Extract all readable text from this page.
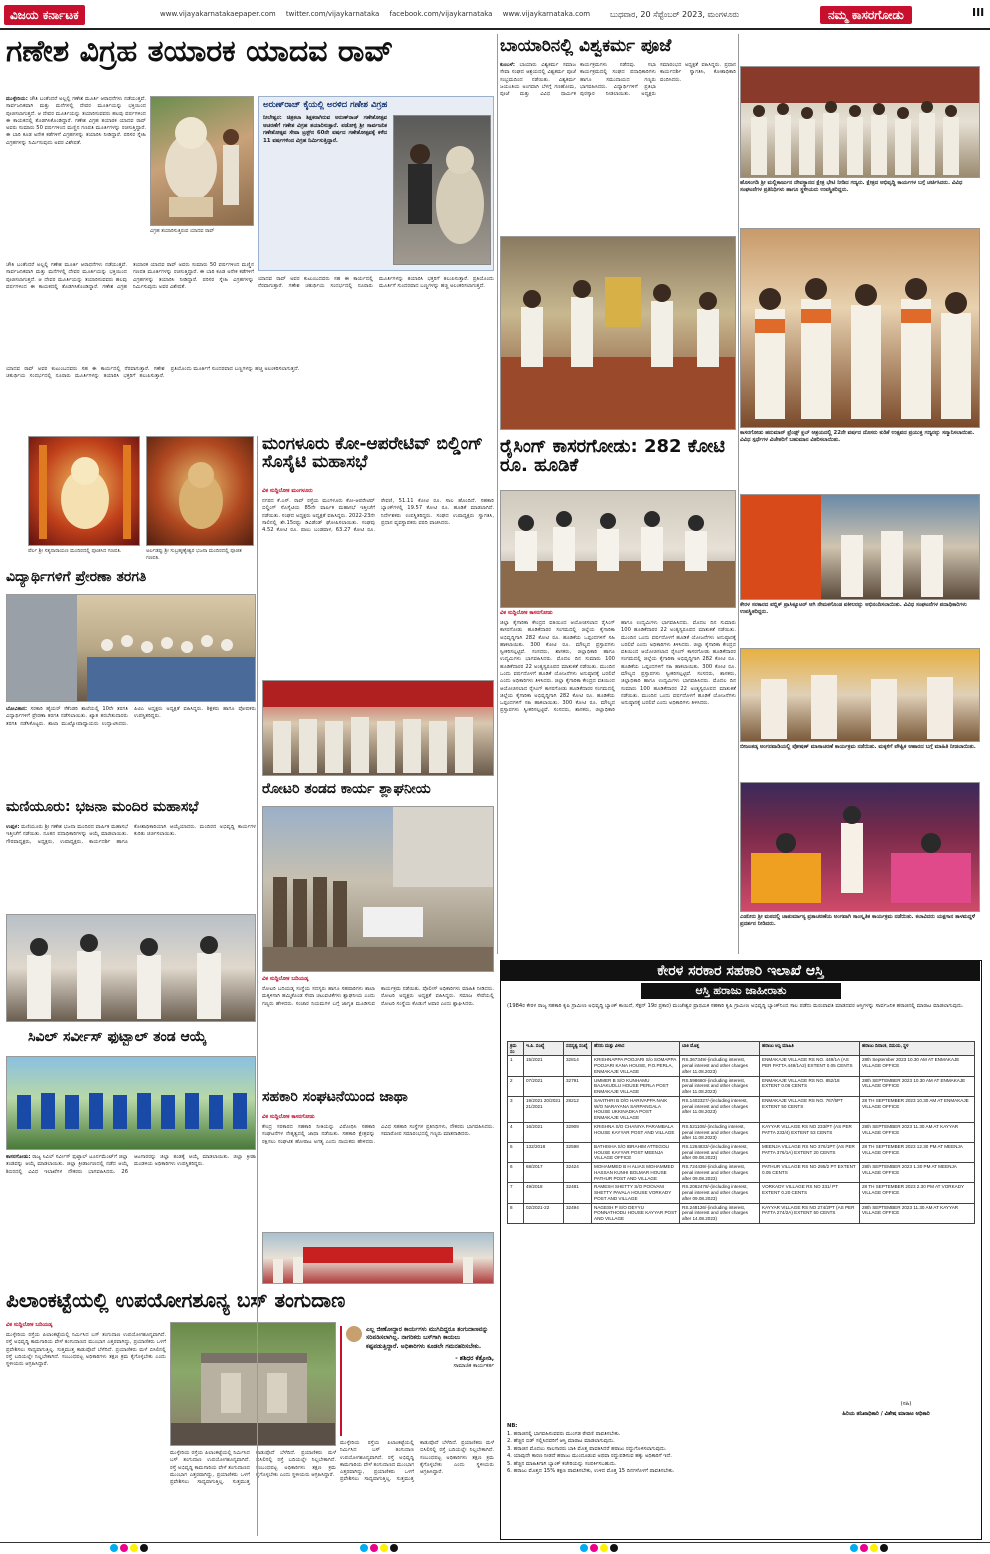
ವಿಜಯ ಕರ್ನಾಟಕ	www.vijayakarnatakaepaper.com twitter.com/vijaykarnataka facebook.com/vijaykarnataka www.vijaykarnataka.com	ಬುಧವಾರ, 20 ಸೆಪ್ಟೆಂಬರ್ 2023, ಮಂಗಳೂರು	ನಮ್ಮ ಕಾಸರಗೋಡು	III
ಗಣೇಶ ವಿಗ್ರಹ ತಯಾರಕ ಯಾದವ ರಾವ್
ಮುಳ್ಳೇರಿಯ: ಚೌತಿ ಬಂತೆಂದರೆ ಅಲ್ಲಲ್ಲಿ ಗಣೇಶ ಮೂರ್ತಿ ಆರಾಧನೆಗಳು ನಡೆಯುತ್ತವೆ. ಸಾರ್ವಜನಿಕವಾಗಿ ಮತ್ತು ಮನೆಗಳಲ್ಲಿ ದೇವರ ಮೂರ್ತಿಯನ್ನು ಭಕ್ತಿಯಿಂದ ಪೂಜಿಸಲಾಗುತ್ತದೆ. ಆ ದೇವರ ಮೂರ್ತಿಯನ್ನು ತಯಾರಿಸುವವರು ಹಲವು ವರ್ಷಗಳಿಂದ ಈ ಕಾಯಕದಲ್ಲಿ ತೊಡಗಿಸಿಕೊಂಡಿದ್ದಾರೆ. ಗಣೇಶ ವಿಗ್ರಹ ತಯಾರಕ ಯಾದವ ರಾವ್ ಅವರು ಸುಮಾರು 50 ವರ್ಷಗಳಿಂದ ಮಣ್ಣಿನ ಗಣಪತಿ ಮೂರ್ತಿಗಳನ್ನು ರಚಿಸುತ್ತಿದ್ದಾರೆ. ಈ ಬಾರಿ ಕೂಡ ಅನೇಕ ಕಡೆಗಳಿಗೆ ವಿಗ್ರಹಗಳನ್ನು ತಯಾರಿಸಿ ನೀಡಿದ್ದಾರೆ. ಪರಿಸರ ಸ್ನೇಹಿ ವಿಗ್ರಹಗಳನ್ನು ನಿರ್ಮಿಸುವುದು ಅವರ ವಿಶೇಷತೆ.
ವಿಗ್ರಹ ತಯಾರಿಸುತ್ತಿರುವ ಯಾದವ ರಾವ್
ಅರುಣ್‌ರಾಜ್ ಕೈಯಲ್ಲಿ ಅರಳಿದ ಗಣೇಶ ವಿಗ್ರಹ
ನೀಲೇಶ್ವರ: ಚಿತ್ರಕಲಾ ಶಿಕ್ಷಕರಾಗಿರುವ ಅರುಣ್‌ರಾಜ್ ಗಣೇಶೋತ್ಸವ ಆಚರಣೆಗೆ ಗಣೇಶ ವಿಗ್ರಹ ತಯಾರಿಸುತ್ತಾರೆ. ಪಡೋಳ್ಳಿ ಶ್ರೀ ಸಾರ್ವಜನಿಕ ಗಣೇಶೋತ್ಸವ ಸೇವಾ ಟ್ರಸ್ಟ್‌ನ 60ನೇ ವರ್ಷದ ಗಣೇಶೋತ್ಸವಕ್ಕೆ ಕಳೆದ 11 ವರ್ಷಗಳಿಂದ ವಿಗ್ರಹ ನಿರ್ಮಿಸುತ್ತಿದ್ದಾರೆ.
ಯಾದವ ರಾವ್ ಅವರ ಕುಟುಂಬದವರು ಸಹ ಈ ಕಾರ್ಯದಲ್ಲಿ ನೆರವಾಗುತ್ತಾರೆ. ಗಣೇಶ ಚತುರ್ಥಿಯ ಸಂದರ್ಭದಲ್ಲಿ ನೂರಾರು ಮೂರ್ತಿಗಳನ್ನು ತಯಾರಿಸಿ ಭಕ್ತರಿಗೆ ತಲುಪಿಸುತ್ತಾರೆ. ಪ್ರತಿಯೊಂದು ಮೂರ್ತಿಗೆ ಸುಂದರವಾದ ಬಣ್ಣಗಳನ್ನು ಹಚ್ಚಿ ಅಲಂಕರಿಸಲಾಗುತ್ತದೆ.
ಚೌತಿ ಬಂತೆಂದರೆ ಅಲ್ಲಲ್ಲಿ ಗಣೇಶ ಮೂರ್ತಿ ಆರಾಧನೆಗಳು ನಡೆಯುತ್ತವೆ. ಸಾರ್ವಜನಿಕವಾಗಿ ಮತ್ತು ಮನೆಗಳಲ್ಲಿ ದೇವರ ಮೂರ್ತಿಯನ್ನು ಭಕ್ತಿಯಿಂದ ಪೂಜಿಸಲಾಗುತ್ತದೆ. ಆ ದೇವರ ಮೂರ್ತಿಯನ್ನು ತಯಾರಿಸುವವರು ಹಲವು ವರ್ಷಗಳಿಂದ ಈ ಕಾಯಕದಲ್ಲಿ ತೊಡಗಿಸಿಕೊಂಡಿದ್ದಾರೆ. ಗಣೇಶ ವಿಗ್ರಹ ತಯಾರಕ ಯಾದವ ರಾವ್ ಅವರು ಸುಮಾರು 50 ವರ್ಷಗಳಿಂದ ಮಣ್ಣಿನ ಗಣಪತಿ ಮೂರ್ತಿಗಳನ್ನು ರಚಿಸುತ್ತಿದ್ದಾರೆ. ಈ ಬಾರಿ ಕೂಡ ಅನೇಕ ಕಡೆಗಳಿಗೆ ವಿಗ್ರಹಗಳನ್ನು ತಯಾರಿಸಿ ನೀಡಿದ್ದಾರೆ. ಪರಿಸರ ಸ್ನೇಹಿ ವಿಗ್ರಹಗಳನ್ನು ನಿರ್ಮಿಸುವುದು ಅವರ ವಿಶೇಷತೆ.
ಯಾದವ ರಾವ್ ಅವರ ಕುಟುಂಬದವರು ಸಹ ಈ ಕಾರ್ಯದಲ್ಲಿ ನೆರವಾಗುತ್ತಾರೆ. ಗಣೇಶ ಚತುರ್ಥಿಯ ಸಂದರ್ಭದಲ್ಲಿ ನೂರಾರು ಮೂರ್ತಿಗಳನ್ನು ತಯಾರಿಸಿ ಭಕ್ತರಿಗೆ ತಲುಪಿಸುತ್ತಾರೆ. ಪ್ರತಿಯೊಂದು ಮೂರ್ತಿಗೆ ಸುಂದರವಾದ ಬಣ್ಣಗಳನ್ನು ಹಚ್ಚಿ ಅಲಂಕರಿಸಲಾಗುತ್ತದೆ.
ಪೆರ್ಲ ಶ್ರೀ ಸತ್ಯನಾರಾಯಣ ಮಂದಿರದಲ್ಲಿ ಪೂಜಿಸಿದ ಗಣಪತಿ.	ಅರ್ಲಡಪ್ಪು ಶ್ರೀ ಸುಬ್ರಹ್ಮಣ್ಯೇಶ್ವರ ಭಜನಾ ಮಂದಿರದಲ್ಲಿ ಪೂಜಿತ ಗಣಪತಿ.
ಬಾಯಾರಿನಲ್ಲಿ ವಿಶ್ವಕರ್ಮ ಪೂಜೆ
ಕುಂಬಳೆ: ಬಾಯಾರು ವಿಶ್ವಕರ್ಮ ಸಮಾಜ ಸೇವಾ ಸಂಘದ ಆಶ್ರಯದಲ್ಲಿ ವಿಶ್ವಕರ್ಮ ಪೂಜೆ ಸಂಭ್ರಮದಿಂದ ನಡೆಯಿತು. ವಿಶ್ವಕರ್ಮ ಜಯಂತಿಯ ಅಂಗವಾಗಿ ಬೆಳಗ್ಗೆ ಗಣಹೋಮ, ಪೂಜೆ ಮತ್ತು ವಿವಿಧ ಧಾರ್ಮಿಕ ಕಾರ್ಯಕ್ರಮಗಳು ನಡೆದವು. ಸಭಾ ಕಾರ್ಯಕ್ರಮದಲ್ಲಿ ಸಂಘದ ಪದಾಧಿಕಾರಿಗಳು ಹಾಗೂ ಸಮುದಾಯದ ಗಣ್ಯರು ಭಾಗವಹಿಸಿದರು. ವಿದ್ಯಾರ್ಥಿಗಳಿಗೆ ಪ್ರತಿಭಾ ಪುರಸ್ಕಾರ ನೀಡಲಾಯಿತು. ಅಧ್ಯಕ್ಷರು ಸಮಾರಂಭದ ಅಧ್ಯಕ್ಷತೆ ವಹಿಸಿದ್ದರು. ಪ್ರಧಾನ ಕಾರ್ಯದರ್ಶಿ ಸ್ವಾಗತಿಸಿ, ಕೋಶಾಧಿಕಾರಿ ವಂದಿಸಿದರು.
ಹೊಸಂಗಡಿ ಶ್ರೀ ಮಲ್ಲಿಕಾರ್ಜುನ ದೇವಸ್ಥಾನದ ಕ್ಷೇತ್ರ ಭೇಟಿ ನೀಡಿದ ಗಣ್ಯರು. ಕ್ಷೇತ್ರದ ಅಭಿವೃದ್ಧಿ ಕಾರ್ಯಗಳ ಬಗ್ಗೆ ಚರ್ಚಿಸಿದರು. ವಿವಿಧ ಸಂಘಟನೆಗಳ ಪ್ರತಿನಿಧಿಗಳು ಹಾಗೂ ಸ್ಥಳೀಯರು ಉಪಸ್ಥಿತರಿದ್ದರು.
ಕಾಸರಗೋಡು ಹನುಮಾನ್ ಫ್ರೆಂಡ್ಸ್ ಕ್ಲಬ್ ಆಶ್ರಯದಲ್ಲಿ 22ನೇ ವರ್ಷದ ದೊಸರು ಕುಡಿಕೆ ಉತ್ಸವದ ಪ್ರಯುಕ್ತ ಗಣ್ಯರನ್ನು ಸನ್ಮಾನಿಸಲಾಯಿತು. ವಿವಿಧ ಸ್ಪರ್ಧೆಗಳ ವಿಜೇತರಿಗೆ ಬಹುಮಾನ ವಿತರಿಸಲಾಯಿತು.
ಮಂಗಳೂರು ಕೋ-ಆಪರೇಟಿವ್ ಬಿಲ್ಡಿಂಗ್ ಸೊಸೈಟಿ ಮಹಾಸಭೆ
ವಿಕ ಸುದ್ದಿಲೋಕ ಮಂಗಳೂರು
ನಗರದ ಕೆ.ಎಸ್. ರಾವ್ ರಸ್ತೆಯ ಮಂಗಳೂರು ಕೋ-ಆಪರೇಟಿವ್ ಬಿಲ್ಡಿಂಗ್ ಸೊಸೈಟಿಯ 85ನೇ ವಾರ್ಷಿಕ ಮಹಾಸಭೆ ಇತ್ತೀಚೆಗೆ ನಡೆಯಿತು. ಸಂಘದ ಅಧ್ಯಕ್ಷರು ಅಧ್ಯಕ್ಷತೆ ವಹಿಸಿದ್ದರು. 2022-23ನೇ ಸಾಲಿನಲ್ಲಿ ಶೇ.15ರಷ್ಟು ಡಿವಿಡೆಂಡ್ ಘೋಷಿಸಲಾಯಿತು. ಸಂಘವು 4.52 ಕೋಟಿ ರೂ. ಪಾಲು ಬಂಡವಾಳ, 63.27 ಕೋಟಿ ರೂ. ಠೇವಣಿ, 51.11 ಕೋಟಿ ರೂ. ಸಾಲ ಹೊಂದಿದೆ. ಸಹಕಾರಿ ಬ್ಯಾಂಕ್‌ಗಳಲ್ಲಿ 19.57 ಕೋಟಿ ರೂ. ಹೂಡಿಕೆ ಮಾಡಲಾಗಿದೆ. ನಿರ್ದೇಶಕರು ಉಪಸ್ಥಿತರಿದ್ದರು. ಸಂಘದ ಉಪಾಧ್ಯಕ್ಷರು ಸ್ವಾಗತಿಸಿ, ಪ್ರಧಾನ ವ್ಯವಸ್ಥಾಪಕರು ವರದಿ ವಾಚಿಸಿದರು.
ರೈಸಿಂಗ್ ಕಾಸರಗೋಡು: 282 ಕೋಟಿ ರೂ. ಹೂಡಿಕೆ
ವಿಕ ಸುದ್ದಿಲೋಕ ಕಾಸರಗೋಡು
ಜಿಲ್ಲಾ ಕೈಗಾರಿಕಾ ಕೇಂದ್ರದ ವತಿಯಿಂದ ಆಯೋಜಿಸಲಾದ ರೈಸಿಂಗ್ ಕಾಸರಗೋಡು ಹೂಡಿಕೆದಾರರ ಸಂಗಮದಲ್ಲಿ ಜಿಲ್ಲೆಯ ಕೈಗಾರಿಕಾ ಅಭಿವೃದ್ಧಿಗಾಗಿ 282 ಕೋಟಿ ರೂ. ಹೂಡಿಕೆಯ ಒಪ್ಪಂದಗಳಿಗೆ ಸಹಿ ಹಾಕಲಾಯಿತು. 300 ಕೋಟಿ ರೂ. ಮೌಲ್ಯದ ಪ್ರಸ್ತಾಪಗಳು ಸ್ವೀಕರಿಸಲ್ಪಟ್ಟಿವೆ. ಸಂಸದರು, ಶಾಸಕರು, ಜಿಲ್ಲಾಧಿಕಾರಿ ಹಾಗೂ ಉದ್ಯಮಿಗಳು ಭಾಗವಹಿಸಿದರು. ಮೊದಲ ದಿನ ಸುಮಾರು 100 ಹೂಡಿಕೆದಾರರ 22 ಅಂತ್ಯಸ್ವರೂಪದ ಮಾತುಕತೆ ನಡೆಯಿತು. ಮುಂದಿನ ಒಂದು ವರ್ಷದೊಳಗೆ ಹೂಡಿಕೆ ಯೋಜನೆಗಳು ಅನುಷ್ಠಾನಕ್ಕೆ ಬರಲಿವೆ ಎಂದು ಅಧಿಕಾರಿಗಳು ತಿಳಿಸಿದರು. ಜಿಲ್ಲಾ ಕೈಗಾರಿಕಾ ಕೇಂದ್ರದ ವತಿಯಿಂದ ಆಯೋಜಿಸಲಾದ ರೈಸಿಂಗ್ ಕಾಸರಗೋಡು ಹೂಡಿಕೆದಾರರ ಸಂಗಮದಲ್ಲಿ ಜಿಲ್ಲೆಯ ಕೈಗಾರಿಕಾ ಅಭಿವೃದ್ಧಿಗಾಗಿ 282 ಕೋಟಿ ರೂ. ಹೂಡಿಕೆಯ ಒಪ್ಪಂದಗಳಿಗೆ ಸಹಿ ಹಾಕಲಾಯಿತು. 300 ಕೋಟಿ ರೂ. ಮೌಲ್ಯದ ಪ್ರಸ್ತಾಪಗಳು ಸ್ವೀಕರಿಸಲ್ಪಟ್ಟಿವೆ. ಸಂಸದರು, ಶಾಸಕರು, ಜಿಲ್ಲಾಧಿಕಾರಿ ಹಾಗೂ ಉದ್ಯಮಿಗಳು ಭಾಗವಹಿಸಿದರು. ಮೊದಲ ದಿನ ಸುಮಾರು 100 ಹೂಡಿಕೆದಾರರ 22 ಅಂತ್ಯಸ್ವರೂಪದ ಮಾತುಕತೆ ನಡೆಯಿತು. ಮುಂದಿನ ಒಂದು ವರ್ಷದೊಳಗೆ ಹೂಡಿಕೆ ಯೋಜನೆಗಳು ಅನುಷ್ಠಾನಕ್ಕೆ ಬರಲಿವೆ ಎಂದು ಅಧಿಕಾರಿಗಳು ತಿಳಿಸಿದರು. ಜಿಲ್ಲಾ ಕೈಗಾರಿಕಾ ಕೇಂದ್ರದ ವತಿಯಿಂದ ಆಯೋಜಿಸಲಾದ ರೈಸಿಂಗ್ ಕಾಸರಗೋಡು ಹೂಡಿಕೆದಾರರ ಸಂಗಮದಲ್ಲಿ ಜಿಲ್ಲೆಯ ಕೈಗಾರಿಕಾ ಅಭಿವೃದ್ಧಿಗಾಗಿ 282 ಕೋಟಿ ರೂ. ಹೂಡಿಕೆಯ ಒಪ್ಪಂದಗಳಿಗೆ ಸಹಿ ಹಾಕಲಾಯಿತು. 300 ಕೋಟಿ ರೂ. ಮೌಲ್ಯದ ಪ್ರಸ್ತಾಪಗಳು ಸ್ವೀಕರಿಸಲ್ಪಟ್ಟಿವೆ. ಸಂಸದರು, ಶಾಸಕರು, ಜಿಲ್ಲಾಧಿಕಾರಿ ಹಾಗೂ ಉದ್ಯಮಿಗಳು ಭಾಗವಹಿಸಿದರು. ಮೊದಲ ದಿನ ಸುಮಾರು 100 ಹೂಡಿಕೆದಾರರ 22 ಅಂತ್ಯಸ್ವರೂಪದ ಮಾತುಕತೆ ನಡೆಯಿತು. ಮುಂದಿನ ಒಂದು ವರ್ಷದೊಳಗೆ ಹೂಡಿಕೆ ಯೋಜನೆಗಳು ಅನುಷ್ಠಾನಕ್ಕೆ ಬರಲಿವೆ ಎಂದು ಅಧಿಕಾರಿಗಳು ತಿಳಿಸಿದರು.
ಕೇರಳ ಸರಕಾರದ ಪಬ್ಲಿಕ್ ಪ್ರಾಸಿಕ್ಯೂಟರ್ ಆಗಿ ನೇಮಕಗೊಂಡ ವಕೀಲರನ್ನು ಅಭಿನಂದಿಸಲಾಯಿತು. ವಿವಿಧ ಸಂಘಟನೆಗಳ ಪದಾಧಿಕಾರಿಗಳು ಉಪಸ್ಥಿತರಿದ್ದರು.
ಬೀಜಂತಡ್ಕ ಅಂಗನವಾಡಿಯಲ್ಲಿ ಪೋಷಣ್ ಮಾಸಾಚರಣೆ ಕಾರ್ಯಕ್ರಮ ನಡೆಯಿತು. ಮಕ್ಕಳಿಗೆ ಪೌಷ್ಟಿಕ ಆಹಾರದ ಬಗ್ಗೆ ಮಾಹಿತಿ ನೀಡಲಾಯಿತು.
ಎಡನೀರು ಶ್ರೀ ಮಠದಲ್ಲಿ ಚಾತುರ್ಮಾಸ್ಯ ವ್ರತಾಚರಣೆಯ ಅಂಗವಾಗಿ ಸಾಂಸ್ಕೃತಿಕ ಕಾರ್ಯಕ್ರಮ ನಡೆಯಿತು. ಕಲಾವಿದರು ಯಕ್ಷಗಾನ ತಾಳಮದ್ದಳೆ ಪ್ರದರ್ಶನ ನೀಡಿದರು.
ವಿದ್ಯಾರ್ಥಿಗಳಿಗೆ ಪ್ರೇರಣಾ ತರಗತಿ
ಬೋವಿಕಾನ: ಸರಕಾರಿ ಹೈಯರ್ ಸೆಕೆಂಡರಿ ಶಾಲೆಯಲ್ಲಿ 10ನೇ ತರಗತಿ ವಿದ್ಯಾರ್ಥಿಗಳಿಗೆ ಪ್ರೇರಣಾ ತರಗತಿ ನಡೆಸಲಾಯಿತು. ಖ್ಯಾತ ತರಬೇತುದಾರರು ತರಗತಿ ನಡೆಸಿಕೊಟ್ಟರು. ಶಾಲಾ ಮುಖ್ಯೋಪಾಧ್ಯಾಯರು ಉದ್ಘಾಟಿಸಿದರು. ಪಿಟಿಎ ಅಧ್ಯಕ್ಷರು ಅಧ್ಯಕ್ಷತೆ ವಹಿಸಿದ್ದರು. ಶಿಕ್ಷಕರು ಹಾಗೂ ಪೋಷಕರು ಉಪಸ್ಥಿತರಿದ್ದರು.
ರೋಟರಿ ತಂಡದ ಕಾರ್ಯ ಶ್ಲಾಘನೀಯ
ವಿಕ ಸುದ್ದಿಲೋಕ ಬದಿಯಡ್ಕ
ರೋಟರಿ ಬದಿಯಡ್ಕ ಸಂಸ್ಥೆಯ ಸದಸ್ಯರು ಹಾಗೂ ಸಹಪಾಠಿಗಳು ಶಾಲಾ ಮಕ್ಕಳಿಗಾಗಿ ಹಮ್ಮಿಕೊಂಡ ಸೇವಾ ಚಟುವಟಿಕೆಗಳು ಶ್ಲಾಘನೀಯ ಎಂದು ಗಣ್ಯರು ಹೇಳಿದರು. ಸಂಚಾರ ನಿಯಮಗಳ ಬಗ್ಗೆ ಜಾಗೃತಿ ಮೂಡಿಸುವ ಕಾರ್ಯಕ್ರಮ ನಡೆಯಿತು. ಪೊಲೀಸ್ ಅಧಿಕಾರಿಗಳು ಮಾಹಿತಿ ನೀಡಿದರು. ರೋಟರಿ ಅಧ್ಯಕ್ಷರು ಅಧ್ಯಕ್ಷತೆ ವಹಿಸಿದ್ದರು. ಸಮಾಜ ಸೇವೆಯಲ್ಲಿ ರೋಟರಿ ಸಂಸ್ಥೆಯ ಕೊಡುಗೆ ಅಪಾರ ಎಂದು ಶ್ಲಾಘಿಸಿದರು.
ಮಣಿಯೂರು: ಭಜನಾ ಮಂದಿರ ಮಹಾಸಭೆ
ಉಪ್ಪಳ: ಮಣಿಯೂರು ಶ್ರೀ ಗಣೇಶ ಭಜನಾ ಮಂದಿರದ ವಾರ್ಷಿಕ ಮಹಾಸಭೆ ಇತ್ತೀಚೆಗೆ ನಡೆಯಿತು. ನೂತನ ಪದಾಧಿಕಾರಿಗಳನ್ನು ಆಯ್ಕೆ ಮಾಡಲಾಯಿತು. ಗೌರವಾಧ್ಯಕ್ಷರು, ಅಧ್ಯಕ್ಷರು, ಉಪಾಧ್ಯಕ್ಷರು, ಕಾರ್ಯದರ್ಶಿ ಹಾಗೂ ಕೋಶಾಧಿಕಾರಿಯಾಗಿ ಆಯ್ಕೆಯಾದರು. ಮಂದಿರದ ಅಭಿವೃದ್ಧಿ ಕಾರ್ಯಗಳ ಕುರಿತು ಚರ್ಚಿಸಲಾಯಿತು.
ಸಿವಿಲ್ ಸರ್ವೀಸ್ ಫುಟ್ಬಾಲ್ ತಂಡ ಆಯ್ಕೆ
ಕಾಸರಗೋಡು: ರಾಜ್ಯ ಸಿವಿಲ್ ಸರ್ವೀಸ್ ಫುಟ್ಬಾಲ್ ಟೂರ್ನಮೆಂಟ್‌ಗೆ ಜಿಲ್ಲಾ ತಂಡವನ್ನು ಆಯ್ಕೆ ಮಾಡಲಾಯಿತು. ಜಿಲ್ಲಾ ಕ್ರೀಡಾಂಗಣದಲ್ಲಿ ನಡೆದ ಆಯ್ಕೆ ಶಿಬಿರದಲ್ಲಿ ವಿವಿಧ ಇಲಾಖೆಗಳ ನೌಕರರು ಭಾಗವಹಿಸಿದರು. 26 ಆಟಗಾರರನ್ನು ಜಿಲ್ಲಾ ತಂಡಕ್ಕೆ ಆಯ್ಕೆ ಮಾಡಲಾಯಿತು. ಜಿಲ್ಲಾ ಕ್ರೀಡಾ ಮಂಡಳಿಯ ಅಧಿಕಾರಿಗಳು ಉಪಸ್ಥಿತರಿದ್ದರು.
ಸಹಕಾರಿ ಸಂಘಟನೆಯಿಂದ ಜಾಥಾ
ವಿಕ ಸುದ್ದಿಲೋಕ ಕಾಸರಗೋಡು
ಕೇಂದ್ರ ಸರಕಾರದ ಸಹಕಾರಿ ನೀತಿಯನ್ನು ವಿರೋಧಿಸಿ ಸಹಕಾರಿ ಸಂಘಟನೆಗಳ ನೇತೃತ್ವದಲ್ಲಿ ಜಾಥಾ ನಡೆಯಿತು. ಸಹಕಾರಿ ಕ್ಷೇತ್ರವನ್ನು ರಕ್ಷಿಸಲು ಸಂಘಟಿತ ಹೋರಾಟ ಅಗತ್ಯ ಎಂದು ನಾಯಕರು ಹೇಳಿದರು. ವಿವಿಧ ಸಹಕಾರಿ ಸಂಸ್ಥೆಗಳ ಪ್ರತಿನಿಧಿಗಳು, ನೌಕರರು ಭಾಗವಹಿಸಿದರು. ಸಮಾರೋಪ ಸಮಾರಂಭದಲ್ಲಿ ಗಣ್ಯರು ಮಾತನಾಡಿದರು.
ಪಿಲಾಂಕಟ್ಟೆಯಲ್ಲಿ ಉಪಯೋಗಶೂನ್ಯ ಬಸ್ ತಂಗುದಾಣ
ವಿಕ ಸುದ್ದಿಲೋಕ ಬದಿಯಡ್ಕ
ಮುಳ್ಳೇರಿಯ ರಸ್ತೆಯ ಪಿಲಾಂಕಟ್ಟೆಯಲ್ಲಿ ನಿರ್ಮಿಸಿದ ಬಸ್ ತಂಗುದಾಣ ಉಪಯೋಗಶೂನ್ಯವಾಗಿದೆ. ರಸ್ತೆ ಅಭಿವೃದ್ಧಿ ಕಾಮಗಾರಿಯ ವೇಳೆ ತಂಗುದಾಣದ ಮುಂಭಾಗ ಎತ್ತರವಾಗಿದ್ದು, ಪ್ರಯಾಣಿಕರು ಒಳಗೆ ಪ್ರವೇಶಿಸಲು ಸಾಧ್ಯವಾಗುತ್ತಿಲ್ಲ. ಸುತ್ತಮುತ್ತ ಕಾಡುಪೊದೆ ಬೆಳೆದಿದೆ. ಪ್ರಯಾಣಿಕರು ಮಳೆ ಬಿಸಿಲಿನಲ್ಲಿ ರಸ್ತೆ ಬದಿಯಲ್ಲೇ ನಿಲ್ಲಬೇಕಾಗಿದೆ. ಸಂಬಂಧಪಟ್ಟ ಅಧಿಕಾರಿಗಳು ತಕ್ಷಣ ಕ್ರಮ ಕೈಗೊಳ್ಳಬೇಕು ಎಂದು ಸ್ಥಳೀಯರು ಆಗ್ರಹಿಸಿದ್ದಾರೆ.
ಮುಳ್ಳೇರಿಯ ರಸ್ತೆಯ ಪಿಲಾಂಕಟ್ಟೆಯಲ್ಲಿ ನಿರ್ಮಿಸಿದ ಬಸ್ ತಂಗುದಾಣ ಉಪಯೋಗಶೂನ್ಯವಾಗಿದೆ. ರಸ್ತೆ ಅಭಿವೃದ್ಧಿ ಕಾಮಗಾರಿಯ ವೇಳೆ ತಂಗುದಾಣದ ಮುಂಭಾಗ ಎತ್ತರವಾಗಿದ್ದು, ಪ್ರಯಾಣಿಕರು ಒಳಗೆ ಪ್ರವೇಶಿಸಲು ಸಾಧ್ಯವಾಗುತ್ತಿಲ್ಲ. ಸುತ್ತಮುತ್ತ ಕಾಡುಪೊದೆ ಬೆಳೆದಿದೆ. ಪ್ರಯಾಣಿಕರು ಮಳೆ ಬಿಸಿಲಿನಲ್ಲಿ ರಸ್ತೆ ಬದಿಯಲ್ಲೇ ನಿಲ್ಲಬೇಕಾಗಿದೆ. ಸಂಬಂಧಪಟ್ಟ ಅಧಿಕಾರಿಗಳು ತಕ್ಷಣ ಕ್ರಮ ಕೈಗೊಳ್ಳಬೇಕು ಎಂದು ಸ್ಥಳೀಯರು ಆಗ್ರಹಿಸಿದ್ದಾರೆ.
ಎಲ್ಲ ಜೀಣೋದ್ಧಾರ ಕಾರ್ಯಗಳು ಮುಗಿದಿದ್ದರೂ ತಂಗುದಾಣವನ್ನು ಸರಿಪಡಿಸಲಾಗಿಲ್ಲ. ನಾಗರಿಕರು ಬಸ್‌ಗಾಗಿ ಕಾಯಲು ಕಷ್ಟಪಡುತ್ತಿದ್ದಾರೆ. ಅಧಿಕಾರಿಗಳು ಕೂಡಲೇ ಗಮನಹರಿಸಬೇಕು.
- ಶಶಿಧರ ಕೆತ್ತೋಡಿ,
ಸಾಮಾಜಿಕ ಕಾರ್ಯಕರ್ತ
ಮುಳ್ಳೇರಿಯ ರಸ್ತೆಯ ಪಿಲಾಂಕಟ್ಟೆಯಲ್ಲಿ ನಿರ್ಮಿಸಿದ ಬಸ್ ತಂಗುದಾಣ ಉಪಯೋಗಶೂನ್ಯವಾಗಿದೆ. ರಸ್ತೆ ಅಭಿವೃದ್ಧಿ ಕಾಮಗಾರಿಯ ವೇಳೆ ತಂಗುದಾಣದ ಮುಂಭಾಗ ಎತ್ತರವಾಗಿದ್ದು, ಪ್ರಯಾಣಿಕರು ಒಳಗೆ ಪ್ರವೇಶಿಸಲು ಸಾಧ್ಯವಾಗುತ್ತಿಲ್ಲ. ಸುತ್ತಮುತ್ತ ಕಾಡುಪೊದೆ ಬೆಳೆದಿದೆ. ಪ್ರಯಾಣಿಕರು ಮಳೆ ಬಿಸಿಲಿನಲ್ಲಿ ರಸ್ತೆ ಬದಿಯಲ್ಲೇ ನಿಲ್ಲಬೇಕಾಗಿದೆ. ಸಂಬಂಧಪಟ್ಟ ಅಧಿಕಾರಿಗಳು ತಕ್ಷಣ ಕ್ರಮ ಕೈಗೊಳ್ಳಬೇಕು ಎಂದು ಸ್ಥಳೀಯರು ಆಗ್ರಹಿಸಿದ್ದಾರೆ.
ಕೇರಳ ಸರಕಾರ ಸಹಕಾರಿ ಇಲಾಖೆ ಆಸ್ತಿ
ಆಸ್ತಿ ಹರಾಜು ಜಾಹೀರಾತು
(1984ರ ಕೇರಳ ರಾಜ್ಯ ಸಹಕಾರಿ ಕೃಷಿ ಗ್ರಾಮೀಣ ಅಭಿವೃದ್ಧಿ ಬ್ಯಾಂಕ್ ಕಾಯಿದೆ, ಸೆಕ್ಷನ್ 19ರ ಪ್ರಕಾರ) ಮಂಜೇಶ್ವರ ಪ್ರಾಥಮಿಕ ಸಹಕಾರಿ ಕೃಷಿ ಗ್ರಾಮೀಣ ಅಭಿವೃದ್ಧಿ ಬ್ಯಾಂಕ್‌ನಿಂದ ಸಾಲ ಪಡೆದು ಮರುಪಾವತಿ ಮಾಡದವರ ಆಸ್ತಿಗಳನ್ನು ಸಾರ್ವಜನಿಕ ಹರಾಜಿನಲ್ಲಿ ಮಾರಾಟ ಮಾಡಲಾಗುವುದು.
ಕ್ರಮ ಸಂ	ಇ.ಪಿ. ಸಂಖ್ಯೆ	ಸದಸ್ಯತ್ವ ಸಂಖ್ಯೆ	ಹೆಸರು ಮತ್ತು ವಿಳಾಸ	ಬಾಕಿ ಮೊತ್ತ	ಹರಾಜು ಆಸ್ತಿ ಮಾಹಿತಿ	ಹರಾಜು ದಿನಾಂಕ, ಸಮಯ, ಸ್ಥಳ
1	15/2021	32814	KRISHNAPPA POOJARI S/o SOMAPPA POOJARI KANA HOUSE, P.O.PERLA, ENMAKAJE VILLAGE	RS.367349/-(including interest, penal interest and other charges after 11.08.2023)	ENMAKAJE VILLAGE RS NO. 449/1A (AS PER PATTA 449/1A2) EXTENT 0.05 CENTS	28th September 2023 10.30 AM AT ENMAKAJE VILLAGE OFFICE
2	07/2021	32791	UMMER B S/O KUNHAMU BAJAKUDLU HOUSE PERLA POST ENMAKAJE VILLAGE	RS.598660/-(including interest, penal interest and other charges after 11.08.2023)	ENMAKAJE VILLAGE RS NO. 852/18 EXTENT 0.06 CENTS	28th SEPTEMBER 2023 10.30 AM AT ENMAKAJE VILLAGE OFFICE
3	19/2021 20/2021 21/2021	28212	SAVITHRI B D/O HARIVAPPA NAIK W/O NARAYANA SARPANGALA HOUSE UKKINADKA POST ENMAKAJE VILLAGE	RS.1402327/-(including interest, penal interest and other charges after 11.08.2023)	ENMAKAJE VILLAGE RS NO. 767/5PT EXTENT 50 CENTS	28 TH SEPTEMBER 2023 10.30 AM AT ENMAKAJE VILLAGE OFFICE
4	16/2021	32909	KRISHNA S/O CHANIYA PARAMBALA HOUSE KAYYAR POST AND VILLAGE	RS.521106/-(including interest, penal interest and other charges after 11.08.2023)	KAYYAR VILLAGE RS NO 233/PT (AS PER PATTA 233/4) EXTENT 53 CENTS	28th SEPTEMBER 2023 11.30 AM AT KAYYAR VILLAGE OFFICE
5	132/2018	32598	BATHISHA S/O IBRAHIM ATTEGOLI HOUSE KAYYAR POST MEENJA VILLAGE OFFICE	RS.1264833/-(including interest, penal interest and other charges after 09.08.2023)	MEENJA VILLAGE RS NO 376/1PT (AS PER PATTA 376/1A) EXTENT 20 CENTS	28 TH SEPTEMBER 2023 12.30 PM AT MEENJA VILLAGE OFFICE
6	68/2017	32424	MOHAMMED B H ALIAS MOHAMMED HASSAN KUNHI BOLMAR HOUSE PATHUR POST AND VILLAGE	RS.724439/-(including interest, penal interest and other charges after 09.08.2023)	PATHUR VILLAGE RS NO 295/2 PT EXTENT 0.05 CENTS	28th SEPTEMBER 2023 1.30 PM AT MEENJA VILLAGE OFFICE
7	49/2018	32481	RAMESH SHETTY S/O POOVANI SHETTY PAVALA HOUSE VORKADY POST AND VILLAGE	RS.2062478/-(including interest, penal interest and other charges after 09.08.2023)	VORKADY VILLAGE RS NO 331/ PT EXTENT 0.20 CENTS	28 TH SEPTEMBER 2023 2.30 PM AT VORKADY VILLAGE OFFICE
8	02/2021-22	32494	NAGESH P S/O DEYYU PONNATHODU HOUSE KAYYAR POST AND VILLAGE	RS.248126/-(including interest, penal interest and other charges after 14.08.2023)	KAYYAR VILLAGE RS NO 274/2PT (AS PER PATTA 274/2A) EXTENT 50 CENTS	28th SEPTEMBER 2023 11.30 AM AT KAYYAR VILLAGE OFFICE
(ಸಹಿ)
ಹಿರಿಯ ತನಿಖಾಧಿಕಾರಿ / ವಿಶೇಷ ಮಾರಾಟ ಅಧಿಕಾರಿ
NB:
1. ಹರಾಜಿನಲ್ಲಿ ಭಾಗವಹಿಸುವವರು ಮುಂಗಡ ಠೇವಣಿ ಪಾವತಿಸಬೇಕು.
2. ಹೆಚ್ಚಿನ ಬಿಡ್ ಸಲ್ಲಿಸಿದವರಿಗೆ ಆಸ್ತಿ ಮಾರಾಟ ಮಾಡಲಾಗುವುದು.
3. ಹರಾಜಿನ ಮೊದಲು ಸಾಲಗಾರರು ಬಾಕಿ ಮೊತ್ತ ಪಾವತಿಸಿದರೆ ಹರಾಜು ರದ್ದುಗೊಳಿಸಲಾಗುವುದು.
4. ಯಾವುದೇ ಕಾರಣ ನೀಡದೆ ಹರಾಜು ಮುಂದೂಡುವ ಅಥವಾ ರದ್ದುಪಡಿಸುವ ಹಕ್ಕು ಅಧಿಕಾರಿಗೆ ಇದೆ.
5. ಹೆಚ್ಚಿನ ಮಾಹಿತಿಗಾಗಿ ಬ್ಯಾಂಕ್ ಕಚೇರಿಯನ್ನು ಸಂಪರ್ಕಿಸಬಹುದು.
6. ಹರಾಜು ಮೊತ್ತದ 15% ತಕ್ಷಣ ಪಾವತಿಸಬೇಕು, ಉಳಿದ ಮೊತ್ತ 15 ದಿನಗಳೊಳಗೆ ಪಾವತಿಸಬೇಕು.
